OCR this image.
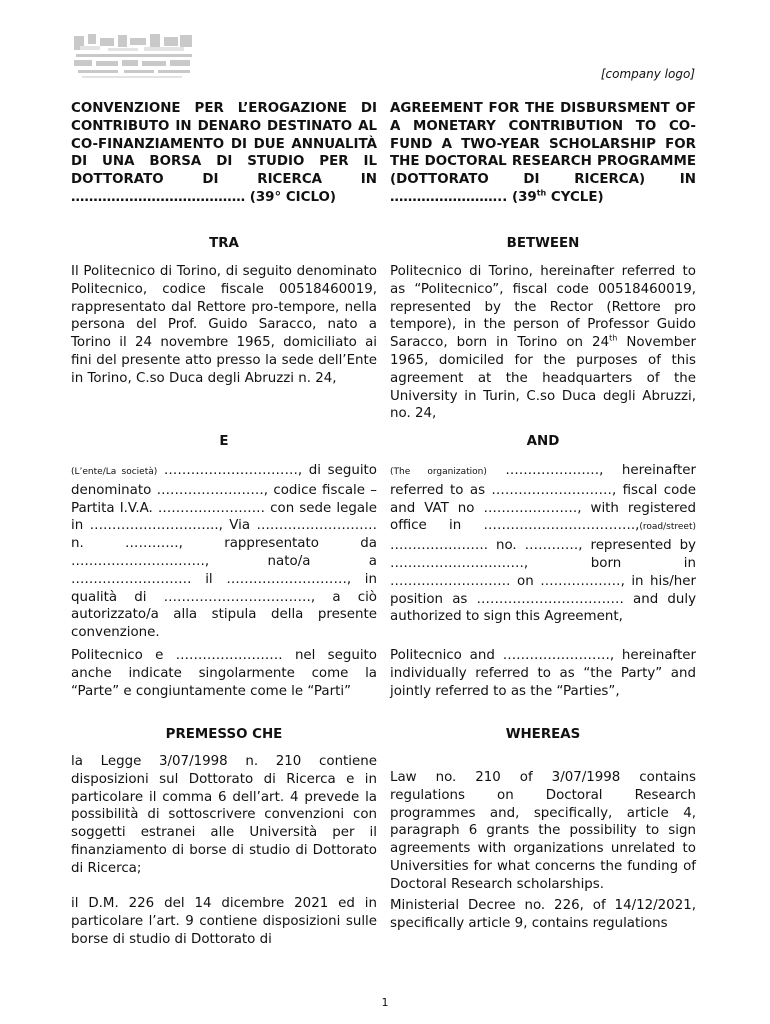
[company logo]

CONVENZIONE PER L’EROGAZIONE DI CONTRIBUTO IN DENARO DESTINATO AL CO-FINANZIAMENTO DI DUE ANNUALITÀ DI UNA BORSA DI STUDIO PER IL DOTTORATO DI RICERCA IN ………………………………… (39° CICLO)

TRA

Il Politecnico di Torino, di seguito denominato Politecnico, codice fiscale 00518460019, rappresentato dal Rettore pro-tempore, nella persona del Prof. Guido Saracco, nato a Torino il 24 novembre 1965, domiciliato ai fini del presente atto presso la sede dell’Ente in Torino, C.so Duca degli Abruzzi n. 24,

E

(L’ente/La società) …………………………, di seguito denominato ……………………, codice fiscale – Partita I.V.A. …………………… con sede legale in ……………………….., Via ……………………… n. …………, rappresentato da …………………………, nato/a a ……………………… il ………………………, in qualità di ……………………………, a ciò autorizzato/a alla stipula della presente convenzione.

Politecnico e …………………… nel seguito anche indicate singolarmente come la “Parte” e congiuntamente come le “Parti”

PREMESSO CHE

la Legge 3/07/1998 n. 210 contiene disposizioni sul Dottorato di Ricerca e in particolare il comma 6 dell’art. 4 prevede la possibilità di sottoscrivere convenzioni con soggetti estranei alle Università per il finanziamento di borse di studio di Dottorato di Ricerca;

il D.M. 226 del 14 dicembre 2021 ed in particolare l’art. 9 contiene disposizioni sulle borse di studio di Dottorato di

AGREEMENT FOR THE DISBURSMENT OF A MONETARY CONTRIBUTION TO CO-FUND A TWO-YEAR SCHOLARSHIP FOR THE DOCTORAL RESEARCH PROGRAMME (DOTTORATO DI RICERCA) IN …………………….. (39th CYCLE)

BETWEEN

Politecnico di Torino, hereinafter referred to as “Politecnico”, fiscal code 00518460019, represented by the Rector (Rettore pro tempore), in the person of Professor Guido Saracco, born in Torino on 24th November 1965, domiciled for the purposes of this agreement at the headquarters of the University in Turin, C.so Duca degli Abruzzi, no. 24,

AND

(The organization) …………………, hereinafter referred to as ………………………, fiscal code and VAT no …………………, with registered office in …………………………….,(road/street) …………………. no. …………, represented by …………………………, born in ……………………… on ………………, in his/her position as …………………………… and duly authorized to sign this Agreement,

Politecnico and ……………………, hereinafter individually referred to as “the Party” and jointly referred to as the “Parties”,

WHEREAS

Law no. 210 of 3/07/1998 contains regulations on Doctoral Research programmes and, specifically, article 4, paragraph 6 grants the possibility to sign agreements with organizations unrelated to Universities for what concerns the funding of Doctoral Research scholarships.

Ministerial Decree no. 226, of 14/12/2021, specifically article 9, contains regulations

1
